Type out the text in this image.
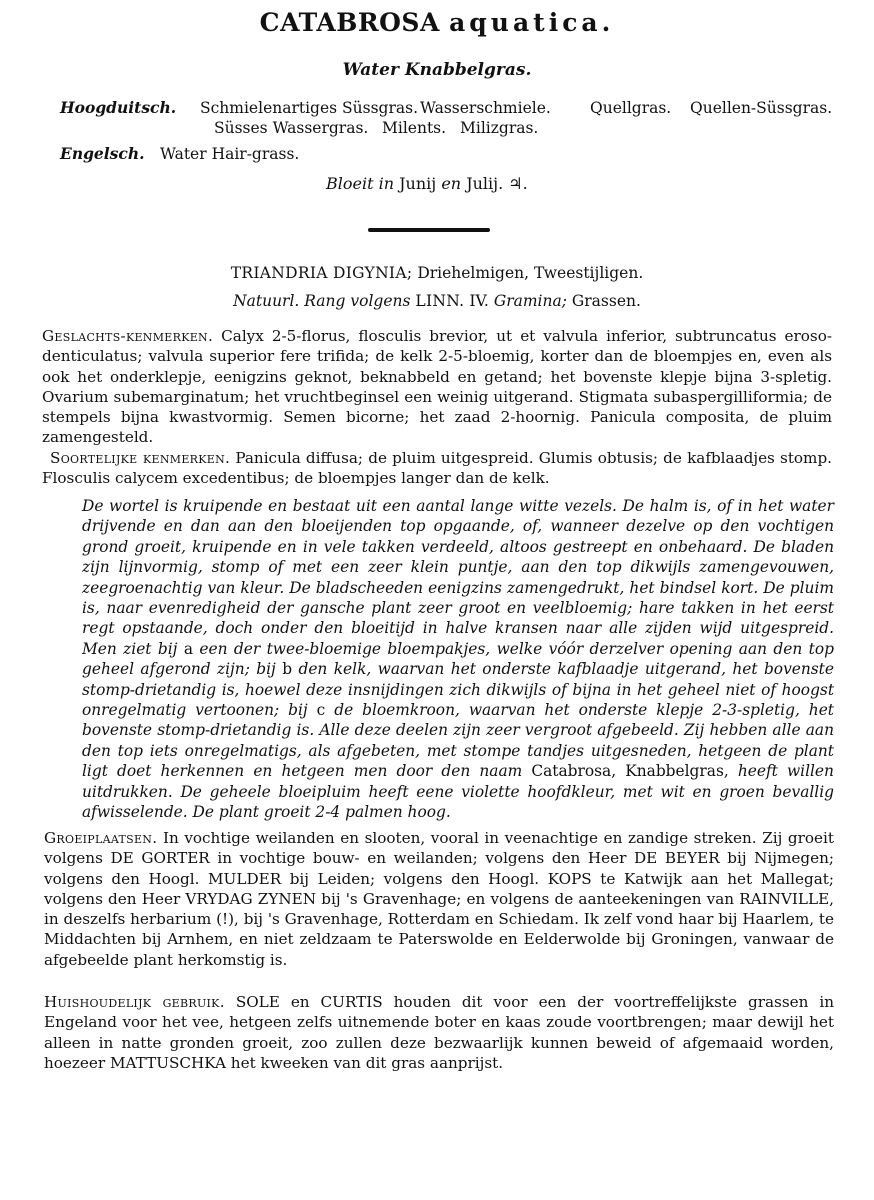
CATABROSA aquatica.
Water Knabbelgras.
Hoogduitsch. Schmielenartiges Süssgras. Wasserschmiele.	Quellgras. Quellen-Süssgras.
Süsses Wassergras. Milents. Milizgras.
Engelsch. Water Hair-grass.
Bloeit in Junij en Julij. ♃.
TRIANDRIA DIGYNIA; Driehelmigen, Tweestijligen.
Natuurl. Rang volgens LINN. IV. Gramina; Grassen.
Geslachts-kenmerken. Calyx 2-5-florus, flosculis brevior, ut et valvula inferior, subtruncatus eroso-denticulatus; valvula superior fere trifida; de kelk 2-5-bloemig, korter dan de bloempjes en, even als ook het onderklepje, eenigzins geknot, beknabbeld en getand; het bovenste klepje bijna 3-spletig. Ovarium subemarginatum; het vruchtbeginsel een weinig uitgerand. Stigmata subaspergilliformia; de stempels bijna kwastvormig. Semen bicorne; het zaad 2-hoornig. Panicula composita, de pluim zamengesteld.
Soortelijke kenmerken. Panicula diffusa; de pluim uitgespreid. Glumis obtusis; de kafblaadjes stomp. Flosculis calycem excedentibus; de bloempjes langer dan de kelk.
De wortel is kruipende en bestaat uit een aantal lange witte vezels. De halm is, of in het water drijvende en dan aan den bloeijenden top opgaande, of, wanneer dezelve op den vochtigen grond groeit, kruipende en in vele takken verdeeld, altoos gestreept en onbehaard. De bladen zijn lijnvormig, stomp of met een zeer klein puntje, aan den top dikwijls zamengevouwen, zeegroenachtig van kleur. De bladscheeden eenigzins zamengedrukt, het bindsel kort. De pluim is, naar evenredigheid der gansche plant zeer groot en veelbloemig; hare takken in het eerst regt opstaande, doch onder den bloeitijd in halve kransen naar alle zijden wijd uitgespreid. Men ziet bij a een der twee-bloemige bloempakjes, welke vóór derzelver opening aan den top geheel afgerond zijn; bij b den kelk, waarvan het onderste kafblaadje uitgerand, het bovenste stomp-drietandig is, hoewel deze insnijdingen zich dikwijls of bijna in het geheel niet of hoogst onregelmatig vertoonen; bij c de bloemkroon, waarvan het onderste klepje 2-3-spletig, het bovenste stomp-drietandig is. Alle deze deelen zijn zeer vergroot afgebeeld. Zij hebben alle aan den top iets onregelmatigs, als afgebeten, met stompe tandjes uitgesneden, hetgeen de plant ligt doet herkennen en hetgeen men door den naam Catabrosa, Knabbelgras, heeft willen uitdrukken. De geheele bloeipluim heeft eene violette hoofdkleur, met wit en groen bevallig afwisselende. De plant groeit 2-4 palmen hoog.
Groeiplaatsen. In vochtige weilanden en slooten, vooral in veenachtige en zandige streken. Zij groeit volgens DE GORTER in vochtige bouw- en weilanden; volgens den Heer DE BEYER bij Nijmegen; volgens den Hoogl. MULDER bij Leiden; volgens den Hoogl. KOPS te Katwijk aan het Mallegat; volgens den Heer VRYDAG ZYNEN bij 's Gravenhage; en volgens de aanteekeningen van RAINVILLE, in deszelfs herbarium (!), bij 's Gravenhage, Rotterdam en Schiedam. Ik zelf vond haar bij Haarlem, te Middachten bij Arnhem, en niet zeldzaam te Paterswolde en Eelderwolde bij Groningen, vanwaar de afgebeelde plant herkomstig is.
Huishoudelijk gebruik. SOLE en CURTIS houden dit voor een der voortreffelijkste grassen in Engeland voor het vee, hetgeen zelfs uitnemende boter en kaas zoude voortbrengen; maar dewijl het alleen in natte gronden groeit, zoo zullen deze bezwaarlijk kunnen beweid of afgemaaid worden, hoezeer MATTUSCHKA het kweeken van dit gras aanprijst.
